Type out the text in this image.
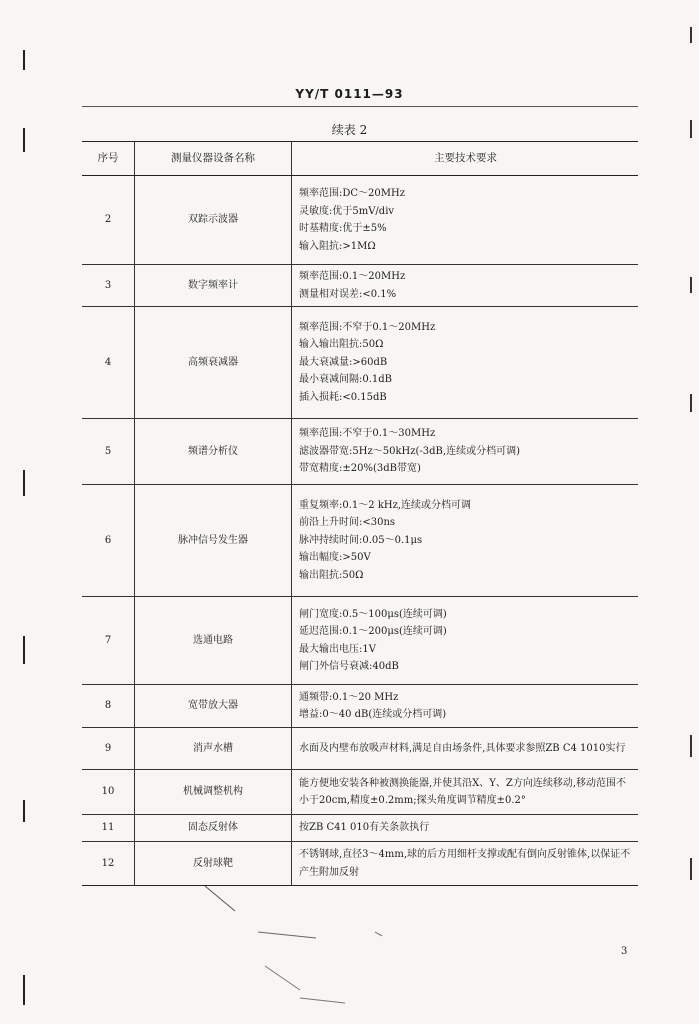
YY/T 0111—93
续表 2
序号	测量仪器设备名称	主要技术要求
2	双踪示波器	频率范围:DC～20MHz
灵敏度:优于5mV/div
时基精度:优于±5%
输入阻抗:>1MΩ

3	数字频率计	频率范围:0.1～20MHz
测量相对误差:<0.1%

4	高频衰减器	频率范围:不窄于0.1～20MHz
输入输出阻抗:50Ω
最大衰减量:>60dB
最小衰减间隔:0.1dB
插入损耗:<0.15dB

5	频谱分析仪	频率范围:不窄于0.1～30MHz
滤波器带宽:5Hz～50kHz(-3dB,连续或分档可调)
带宽精度:±20%(3dB带宽)

6	脉冲信号发生器	重复频率:0.1～2 kHz,连续或分档可调
前沿上升时间:<30ns
脉冲持续时间:0.05～0.1μs
输出幅度:>50V
输出阻抗:50Ω

7	选通电路	闸门宽度:0.5～100μs(连续可调)
延迟范围:0.1～200μs(连续可调)
最大输出电压:1V
闸门外信号衰减:40dB

8	宽带放大器	通频带:0.1～20 MHz
增益:0～40 dB(连续或分档可调)

9	消声水槽	水面及内壁布放吸声材料,满足自由场条件,具体要求参照ZB C4 1010实行

10	机械调整机构	能方便地安装各种被测换能器,并使其沿X、Y、Z方向连续移动,移动范围不小于20cm,精度±0.2mm;探头角度调节精度±0.2°

11	固态反射体	按ZB C41 010有关条款执行

12	反射球靶	不锈钢球,直径3～4mm,球的后方用细杆支撑或配有倒向反射锥体,以保证不产生附加反射
3
